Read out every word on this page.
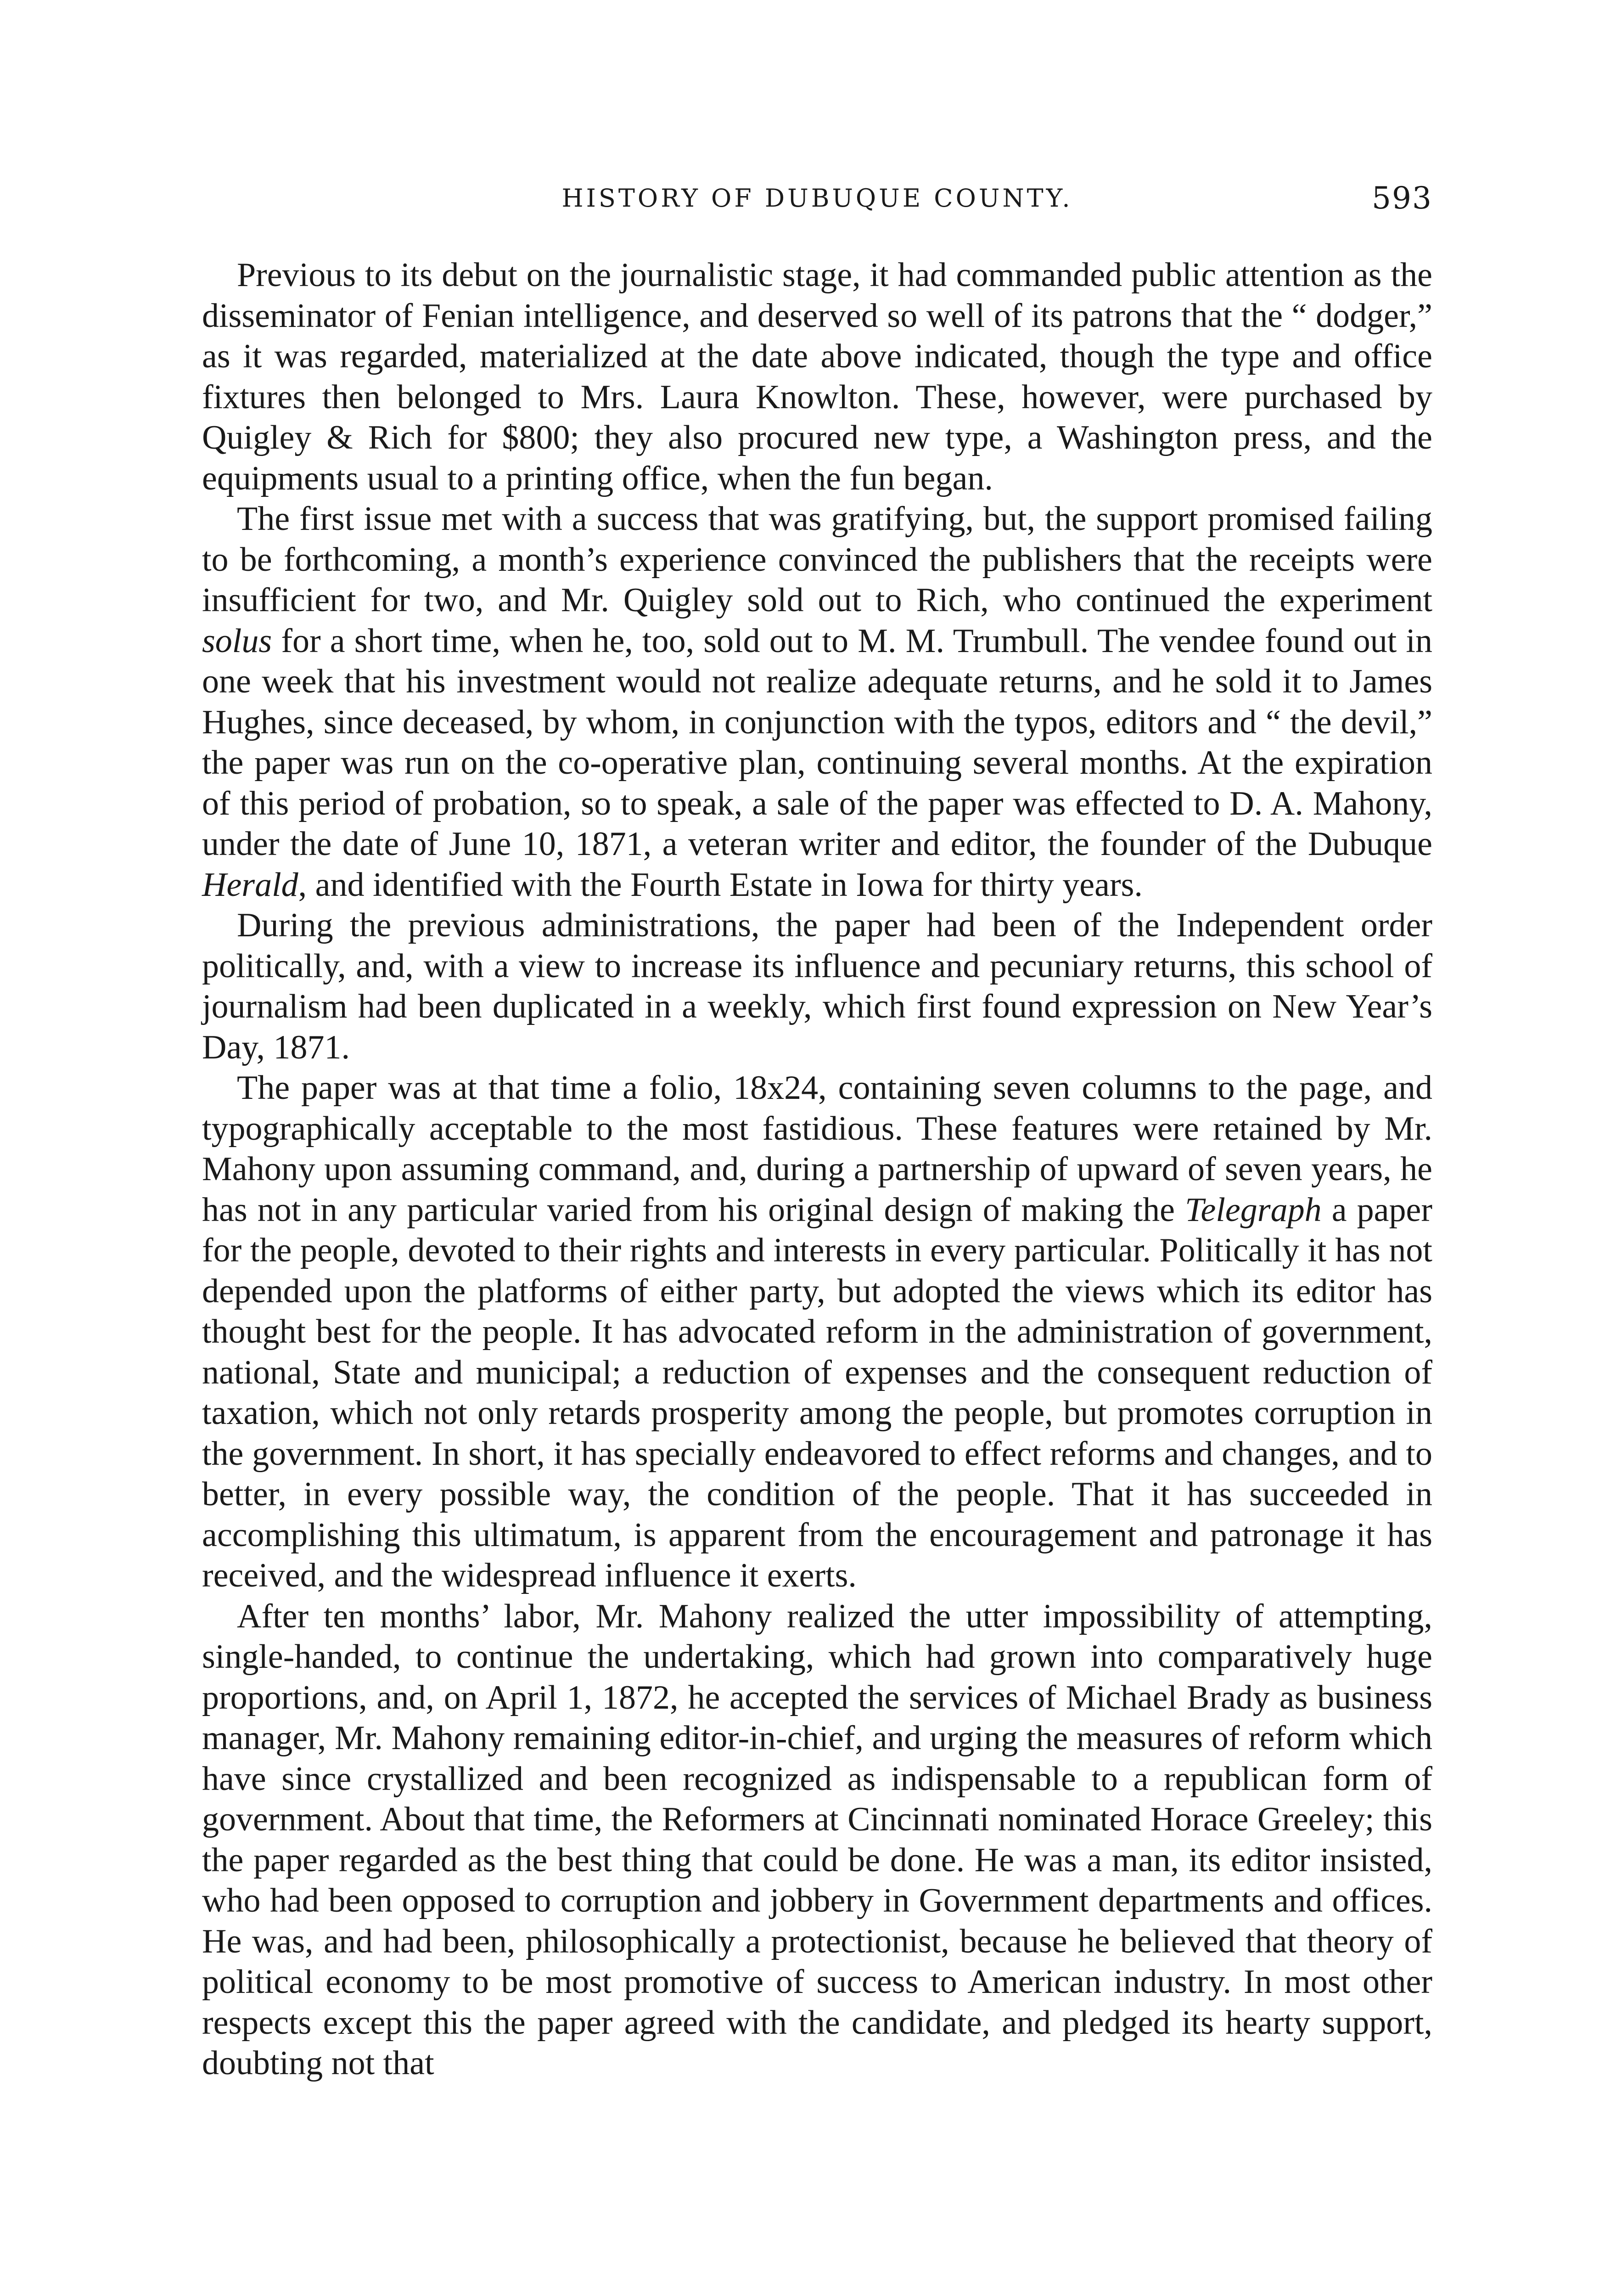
HISTORY OF DUBUQUE COUNTY.	593

Previous to its debut on the journalistic stage, it had commanded public attention as the disseminator of Fenian intelligence, and deserved so well of its patrons that the “ dodger,” as it was regarded, materialized at the date above indicated, though the type and office fixtures then belonged to Mrs. Laura Knowlton. These, however, were purchased by Quigley & Rich for $800; they also procured new type, a Washington press, and the equipments usual to a printing office, when the fun began.

The first issue met with a success that was gratifying, but, the support promised failing to be forthcoming, a month’s experience convinced the publishers that the receipts were insufficient for two, and Mr. Quigley sold out to Rich, who continued the experiment solus for a short time, when he, too, sold out to M. M. Trumbull. The vendee found out in one week that his investment would not realize adequate returns, and he sold it to James Hughes, since deceased, by whom, in conjunction with the typos, editors and “ the devil,” the paper was run on the co-operative plan, continuing several months. At the expiration of this period of probation, so to speak, a sale of the paper was effected to D. A. Mahony, under the date of June 10, 1871, a veteran writer and editor, the founder of the Dubuque Herald, and identified with the Fourth Estate in Iowa for thirty years.

During the previous administrations, the paper had been of the Independent order politically, and, with a view to increase its influence and pecuniary returns, this school of journalism had been duplicated in a weekly, which first found expression on New Year’s Day, 1871.

The paper was at that time a folio, 18x24, containing seven columns to the page, and typographically acceptable to the most fastidious. These features were retained by Mr. Mahony upon assuming command, and, during a partnership of upward of seven years, he has not in any particular varied from his original design of making the Telegraph a paper for the people, devoted to their rights and interests in every particular. Politically it has not depended upon the platforms of either party, but adopted the views which its editor has thought best for the people. It has advocated reform in the administration of government, national, State and municipal; a reduction of expenses and the consequent reduction of taxation, which not only retards prosperity among the people, but promotes corruption in the government. In short, it has specially endeavored to effect reforms and changes, and to better, in every possible way, the condition of the people. That it has succeeded in accomplishing this ultimatum, is apparent from the encouragement and patronage it has received, and the widespread influence it exerts.

After ten months’ labor, Mr. Mahony realized the utter impossibility of attempting, single-handed, to continue the undertaking, which had grown into comparatively huge proportions, and, on April 1, 1872, he accepted the services of Michael Brady as business manager, Mr. Mahony remaining editor-in-chief, and urging the measures of reform which have since crystallized and been recognized as indispensable to a republican form of government. About that time, the Reformers at Cincinnati nominated Horace Greeley; this the paper regarded as the best thing that could be done. He was a man, its editor insisted, who had been opposed to corruption and jobbery in Government departments and offices. He was, and had been, philosophically a protectionist, because he believed that theory of political economy to be most promotive of success to American industry. In most other respects except this the paper agreed with the candidate, and pledged its hearty support, doubting not that
